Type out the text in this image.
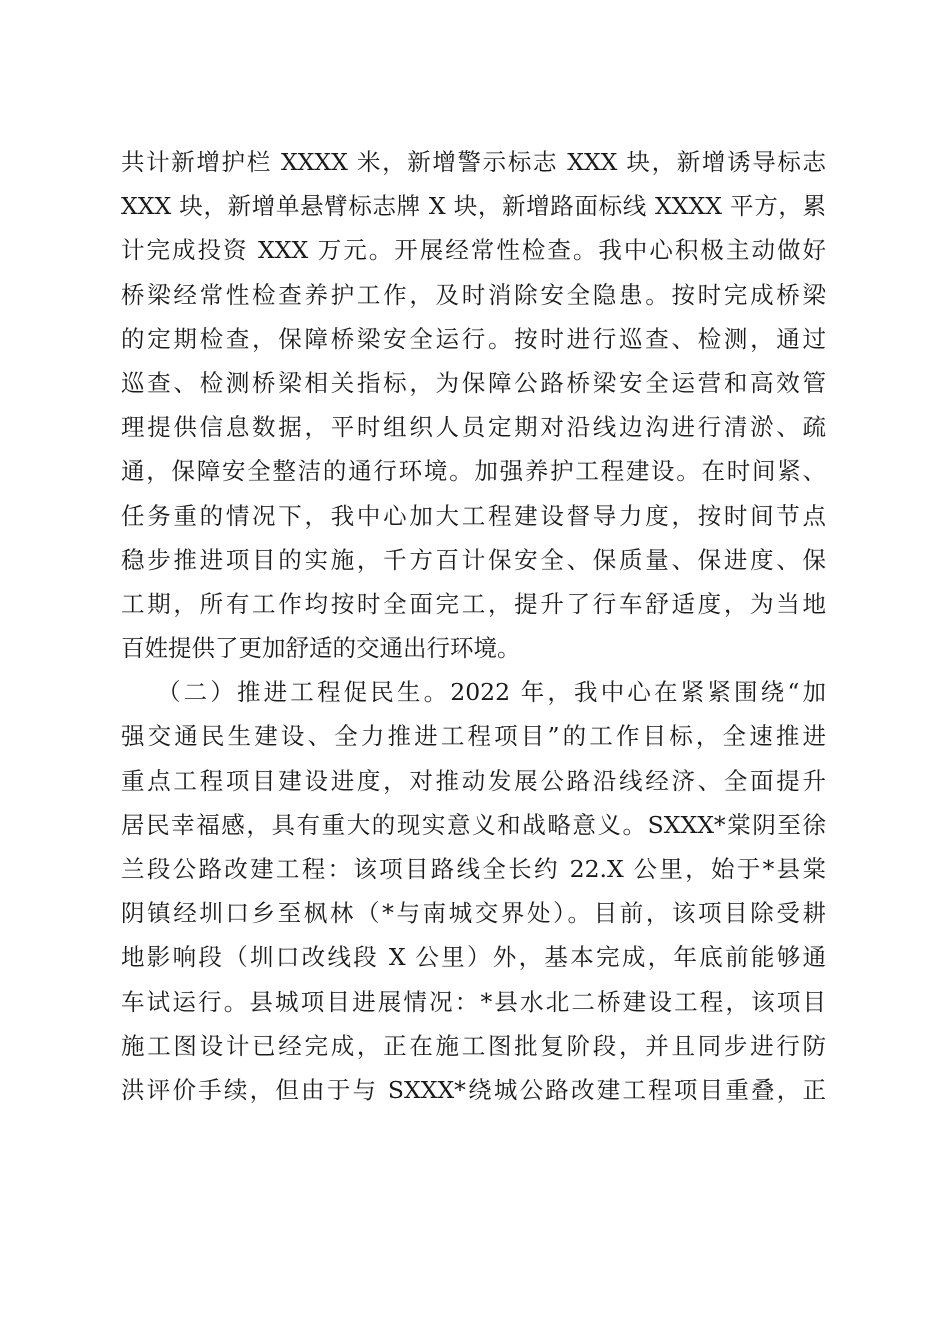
共计新增护栏 XXXX 米，新增警示标志 XXX 块，新增诱导标志
XXX 块，新增单悬臂标志牌 X 块，新增路面标线 XXXX 平方，累
计完成投资 XXX 万元。开展经常性检查。我中心积极主动做好
桥梁经常性检查养护工作，及时消除安全隐患。按时完成桥梁
的定期检查，保障桥梁安全运行。按时进行巡查、检测，通过
巡查、检测桥梁相关指标，为保障公路桥梁安全运营和高效管
理提供信息数据，平时组织人员定期对沿线边沟进行清淤、疏
通，保障安全整洁的通行环境。加强养护工程建设。在时间紧、
任务重的情况下，我中心加大工程建设督导力度，按时间节点
稳步推进项目的实施，千方百计保安全、保质量、保进度、保
工期，所有工作均按时全面完工，提升了行车舒适度，为当地
百姓提供了更加舒适的交通出行环境。
（二）推进工程促民生。2022 年，我中心在紧紧围绕“加
强交通民生建设、全力推进工程项目”的工作目标，全速推进
重点工程项目建设进度，对推动发展公路沿线经济、全面提升
居民幸福感，具有重大的现实意义和战略意义。SXXX*棠阴至徐
兰段公路改建工程：该项目路线全长约 22.X 公里，始于*县棠
阴镇经圳口乡至枫林（*与南城交界处）。目前，该项目除受耕
地影响段（圳口改线段 X 公里）外，基本完成，年底前能够通
车试运行。县城项目进展情况：*县水北二桥建设工程，该项目
施工图设计已经完成，正在施工图批复阶段，并且同步进行防
洪评价手续，但由于与 SXXX*绕城公路改建工程项目重叠，正
